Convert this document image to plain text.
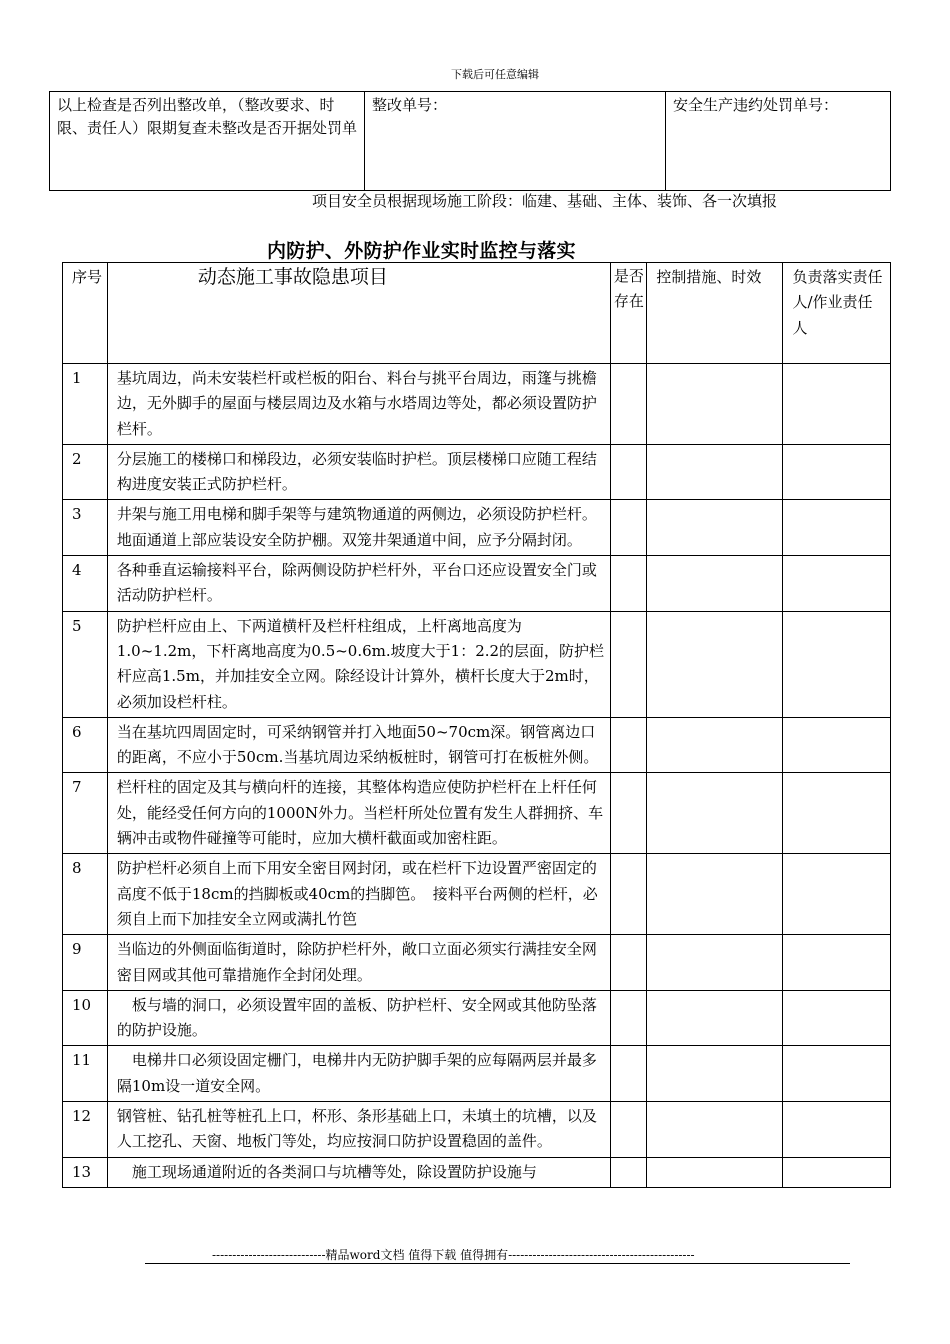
下载后可任意编辑
以上检查是否列出整改单，（整改要求、时限、责任人）限期复查未整改是否开据处罚单	整改单号：	安全生产违约处罚单号：
项目安全员根据现场施工阶段：临建、基础、主体、装饰、各一次填报
内防护、外防护作业实时监控与落实
序号	动态施工事故隐患项目	是否存在	控制措施、时效	负责落实责任人/作业责任人
1	基坑周边，尚未安装栏杆或栏板的阳台、料台与挑平台周边，雨篷与挑檐边，无外脚手的屋面与楼层周边及水箱与水塔周边等处，都必须设置防护栏杆。			
2	分层施工的楼梯口和梯段边，必须安装临时护栏。顶层楼梯口应随工程结构进度安装正式防护栏杆。			
3	井架与施工用电梯和脚手架等与建筑物通道的两侧边，必须设防护栏杆。地面通道上部应装设安全防护棚。双笼井架通道中间，应予分隔封闭。			
4	各种垂直运输接料平台，除两侧设防护栏杆外，平台口还应设置安全门或活动防护栏杆。			
5	防护栏杆应由上、下两道横杆及栏杆柱组成，上杆离地高度为1.0~1.2m，下杆离地高度为0.5~0.6m.坡度大于1：2.2的层面，防护栏杆应高1.5m，并加挂安全立网。除经设计计算外，横杆长度大于2m时，必须加设栏杆柱。			
6	当在基坑四周固定时，可采纳钢管并打入地面50~70cm深。钢管离边口的距离，不应小于50cm.当基坑周边采纳板桩时，钢管可打在板桩外侧。			
7	栏杆柱的固定及其与横向杆的连接，其整体构造应使防护栏杆在上杆任何处，能经受任何方向的1000N外力。当栏杆所处位置有发生人群拥挤、车辆冲击或物件碰撞等可能时，应加大横杆截面或加密柱距。			
8	防护栏杆必须自上而下用安全密目网封闭，或在栏杆下边设置严密固定的高度不低于18cm的挡脚板或40cm的挡脚笆。　接料平台两侧的栏杆，必须自上而下加挂安全立网或满扎竹笆			
9	当临边的外侧面临街道时，除防护栏杆外，敞口立面必须实行满挂安全网密目网或其他可靠措施作全封闭处理。			
10	　板与墙的洞口，必须设置牢固的盖板、防护栏杆、安全网或其他防坠落的防护设施。			
11	　电梯井口必须设固定栅门，电梯井内无防护脚手架的应每隔两层并最多隔10m设一道安全网。			
12	钢管桩、钻孔桩等桩孔上口，杯形、条形基础上口，未填土的坑槽，以及人工挖孔、天窗、地板门等处，均应按洞口防护设置稳固的盖件。			
13	　施工现场通道附近的各类洞口与坑槽等处，除设置防护设施与			
----------------------------精品word文档 值得下载 值得拥有----------------------------------------------
